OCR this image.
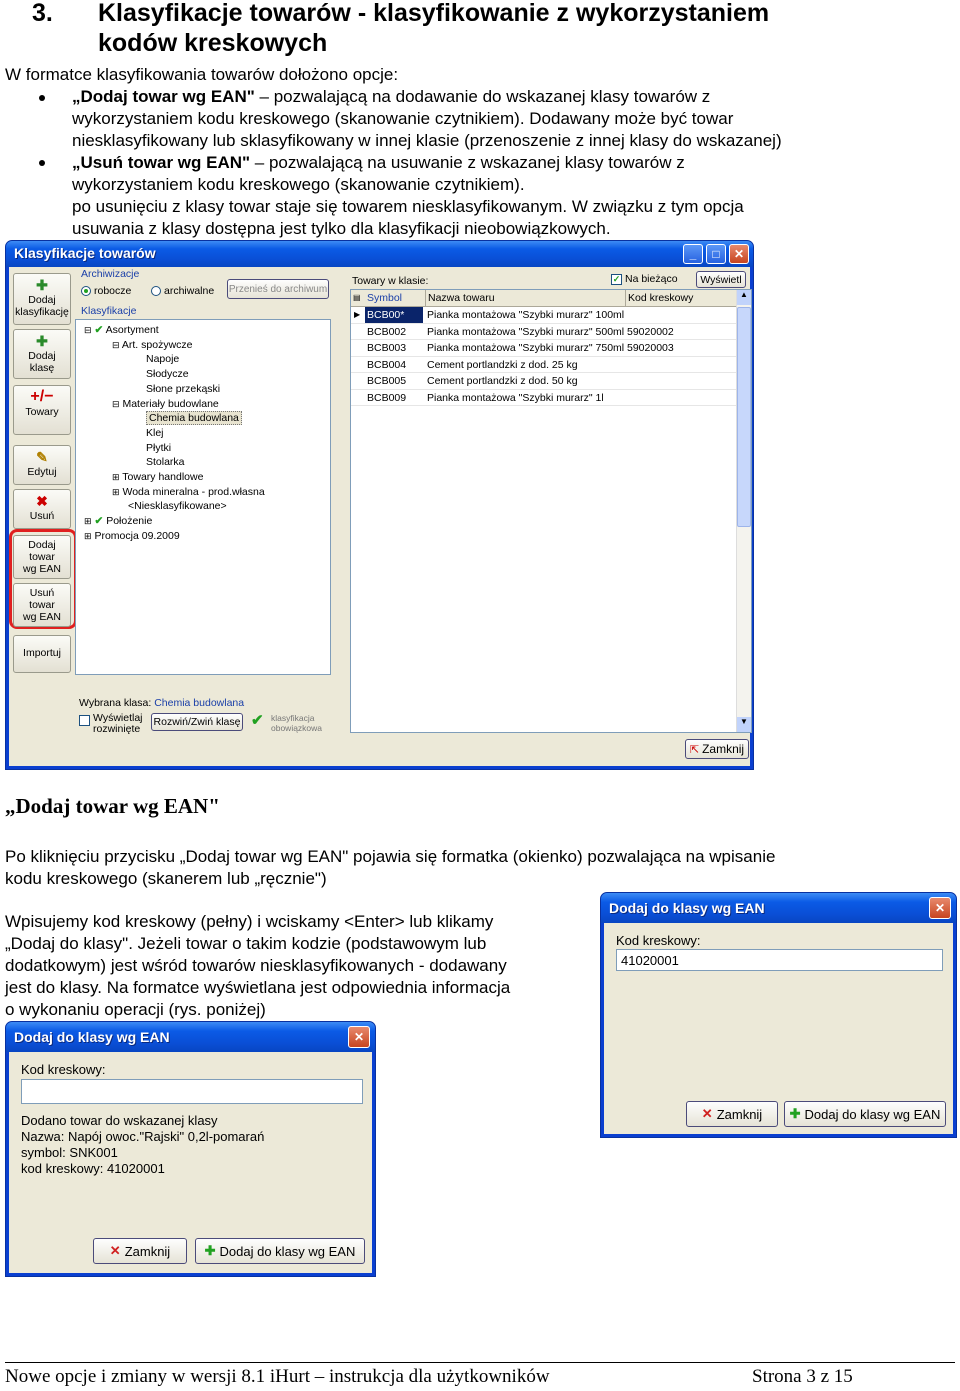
3. Klasyfikacje towarów - klasyfikowanie z wykorzystaniem
kodów kreskowych
W formatce klasyfikowania towarów dołożono opcje:
„Dodaj towar wg EAN" – pozwalającą na dodawanie do wskazanej klasy towarów z
wykorzystaniem kodu kreskowego (skanowanie czytnikiem). Dodawany może być towar
niesklasyfikowany lub sklasyfikowany w innej klasie (przenoszenie z innej klasy do wskazanej)
„Usuń towar wg EAN" – pozwalającą na usuwanie z wskazanej klasy towarów z
wykorzystaniem kodu kreskowego (skanowanie czytnikiem).
po usunięciu z klasy towar staje się towarem niesklasyfikowanym. W związku z tym opcja
usuwania z klasy dostępna jest tylko dla klasyfikacji nieobowiązkowych.
Klasyfikacje towarów	_	□	✕
✚
Dodaj
klasyfikację
✚
Dodaj
klasę
+/−
Towary
✎
Edytuj
✖
Usuń
Dodaj
towar
wg EAN
Usuń
towar
wg EAN
Importuj
Archiwizacje
robocze	archiwalne Przenieś do archiwum
Klasyfikacje
⊟ ✔ Asortyment
⊟ Art. spożywcze
Napoje
Słodycze
Słone przekąski
⊟ Materiały budowlane
Chemia budowlana
Klej
Płytki
Stolarka
⊞ Towary handlowe
⊞ Woda mineralna - prod.własna
<Niesklasyfikowane>
⊞ ✔ Położenie
⊞ Promocja 09.2009
Wybrana klasa: Chemia budowlana
Wyświetlaj rozwinięte
Rozwiń/Zwiń klasę ✔ klasyfikacja obowiązkowa
Towary w klasie:	✓ Na bieżąco	Wyświetl
▤ Symbol	Nazwa towaru	Kod kreskowy
▶ BCB00*	Pianka montażowa "Szybki murarz" 100ml
BCB002	Pianka montażowa "Szybki murarz" 500ml 59020002
BCB003	Pianka montażowa "Szybki murarz" 750ml 59020003
BCB004	Cement portlandzki z dod. 25 kg
BCB005	Cement portlandzki z dod. 50 kg
BCB009	Pianka montażowa "Szybki murarz" 1l
▲
▼
⇱ Zamknij
„Dodaj towar wg EAN"
Po kliknięciu przycisku „Dodaj towar wg EAN" pojawia się formatka (okienko) pozwalająca na wpisanie
kodu kreskowego (skanerem lub „ręcznie")
Wpisujemy kod kreskowy (pełny) i wciskamy <Enter> lub klikamy
„Dodaj do klasy". Jeżeli towar o takim kodzie (podstawowym lub
dodatkowym) jest wśród towarów niesklasyfikowanych - dodawany
jest do klasy. Na formatce wyświetlana jest odpowiednia informacja
o wykonaniu operacji (rys. poniżej)
Dodaj do klasy wg EAN	✕
Kod kreskowy:
41020001
✕ Zamknij ✚ Dodaj do klasy wg EAN
Dodaj do klasy wg EAN	✕
Kod kreskowy:
Dodano towar do wskazanej klasy
Nazwa: Napój owoc."Rajski" 0,2l-pomarań
symbol: SNK001
kod kreskowy: 41020001
✕ Zamknij	✚ Dodaj do klasy wg EAN
Nowe opcje i zmiany w wersji 8.1 iHurt – instrukcja dla użytkowników	Strona 3 z 15
